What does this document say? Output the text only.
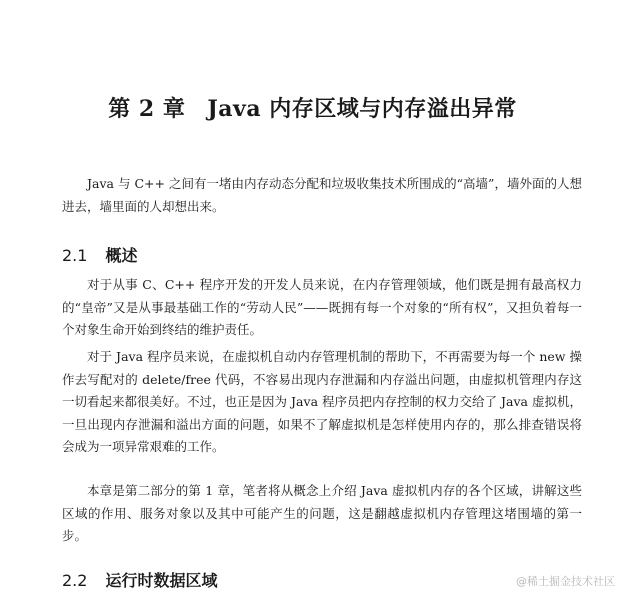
第 2 章 Java 内存区域与内存溢出异常

Java 与 C++ 之间有一堵由内存动态分配和垃圾收集技术所围成的“高墙”，墙外面的人想进去，墙里面的人却想出来。

2.1 概述

对于从事 C、C++ 程序开发的开发人员来说，在内存管理领域，他们既是拥有最高权力的“皇帝”又是从事最基础工作的“劳动人民”——既拥有每一个对象的“所有权”，又担负着每一个对象生命开始到终结的维护责任。

对于 Java 程序员来说，在虚拟机自动内存管理机制的帮助下，不再需要为每一个 new 操作去写配对的 delete/free 代码，不容易出现内存泄漏和内存溢出问题，由虚拟机管理内存这一切看起来都很美好。不过，也正是因为 Java 程序员把内存控制的权力交给了 Java 虚拟机，一旦出现内存泄漏和溢出方面的问题，如果不了解虚拟机是怎样使用内存的，那么排查错误将会成为一项异常艰难的工作。

本章是第二部分的第 1 章，笔者将从概念上介绍 Java 虚拟机内存的各个区域，讲解这些区域的作用、服务对象以及其中可能产生的问题，这是翻越虚拟机内存管理这堵围墙的第一步。

2.2 运行时数据区域	@稀土掘金技术社区
